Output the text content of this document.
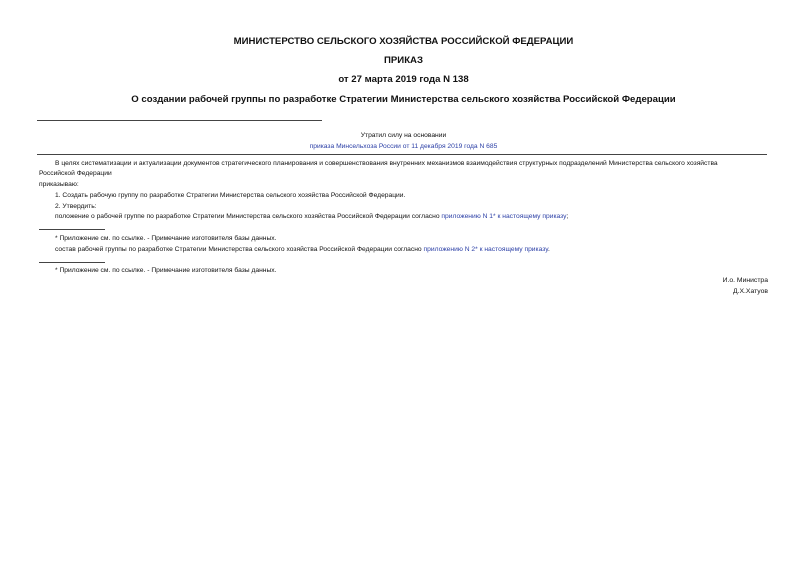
МИНИСТЕРСТВО СЕЛЬСКОГО ХОЗЯЙСТВА РОССИЙСКОЙ ФЕДЕРАЦИИ
ПРИКАЗ
от 27 марта 2019 года N 138
О создании рабочей группы по разработке Стратегии Министерства сельского хозяйства Российской Федерации
Утратил силу на основании
приказа Минсельхоза России от 11 декабря 2019 года N 685
В целях систематизации и актуализации документов стратегического планирования и совершенствования внутренних механизмов взаимодействия структурных подразделений Министерства сельского хозяйства
Российской Федерации
приказываю:
1. Создать рабочую группу по разработке Стратегии Министерства сельского хозяйства Российской Федерации.
2. Утвердить:
положение о рабочей группе по разработке Стратегии Министерства сельского хозяйства Российской Федерации согласно приложению N 1* к настоящему приказу;
* Приложение см. по ссылке. - Примечание изготовителя базы данных.
состав рабочей группы по разработке Стратегии Министерства сельского хозяйства Российской Федерации согласно приложению N 2* к настоящему приказу.
* Приложение см. по ссылке. - Примечание изготовителя базы данных.
И.о. Министра
Д.Х.Хатуов
